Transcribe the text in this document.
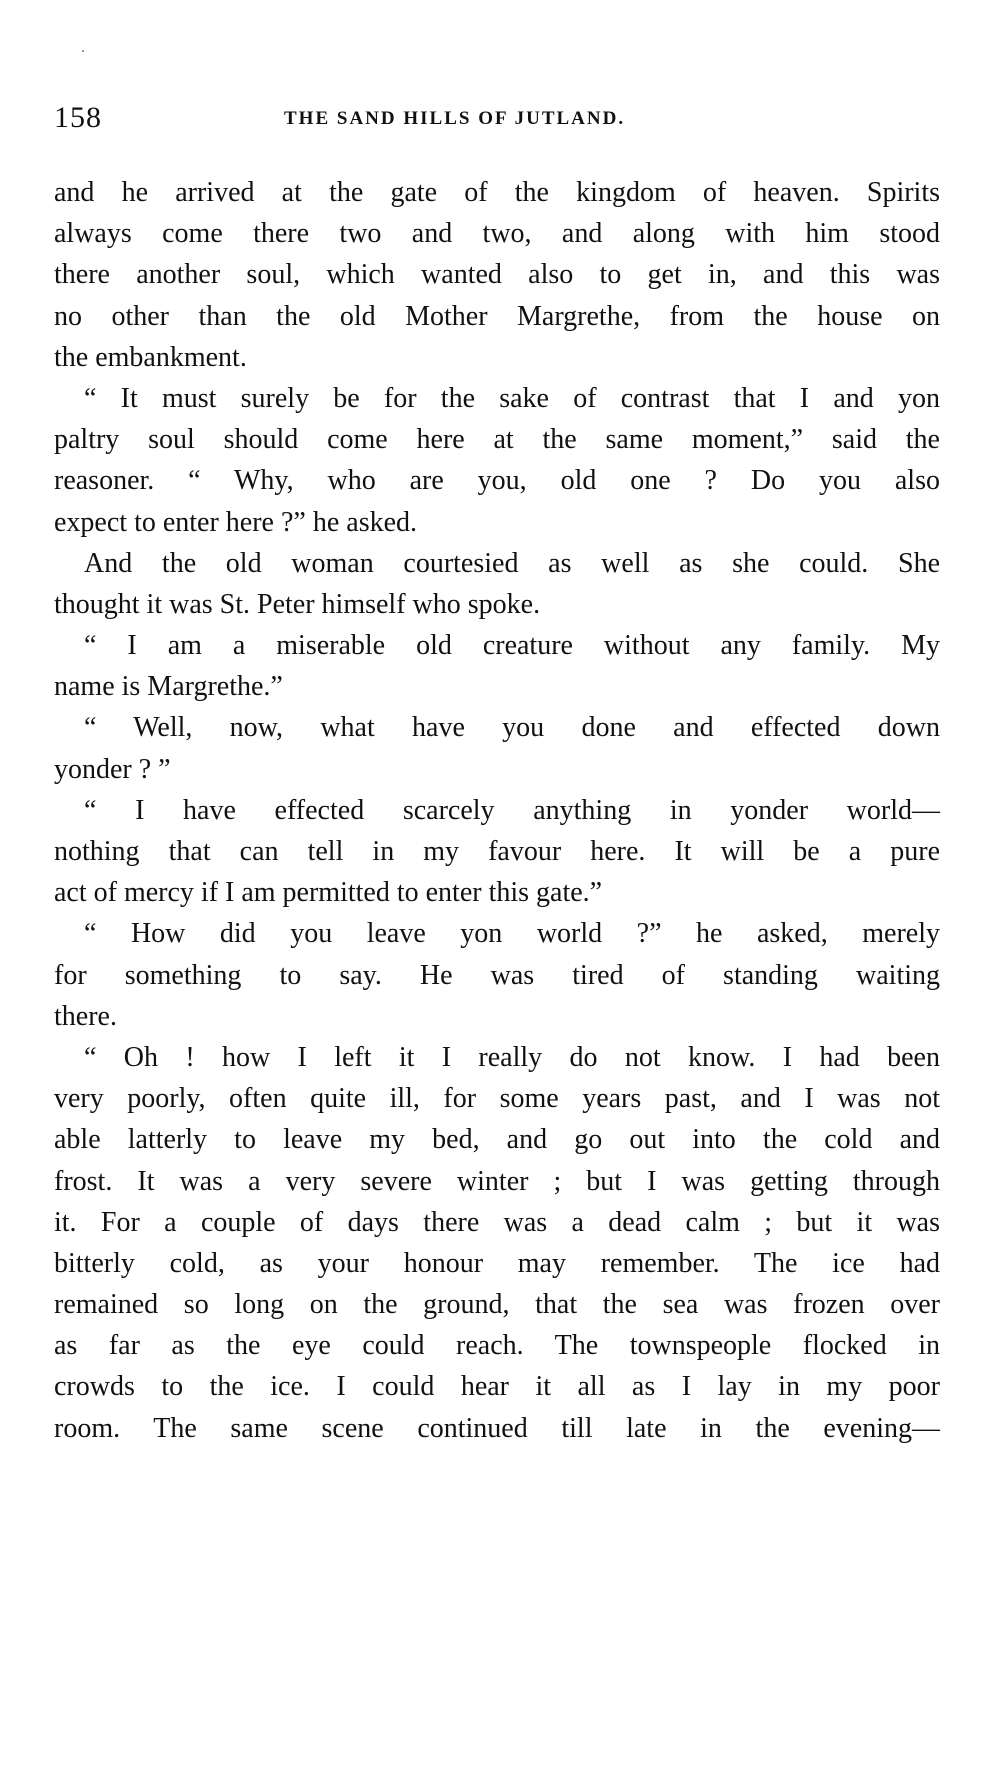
158	THE SAND HILLS OF JUTLAND.
and he arrived at the gate of the kingdom of heaven. Spirits
always come there two and two, and along with him stood
there another soul, which wanted also to get in, and this was
no other than the old Mother Margrethe, from the house on
the embankment.
“ It must surely be for the sake of contrast that I and yon
paltry soul should come here at the same moment,” said the
reasoner. “ Why, who are you, old one ? Do you also
expect to enter here ?” he asked.
And the old woman courtesied as well as she could. She
thought it was St. Peter himself who spoke.
“ I am a miserable old creature without any family. My
name is Margrethe.”
“ Well, now, what have you done and effected down
yonder ? ”
“ I have effected scarcely anything in yonder world—
nothing that can tell in my favour here. It will be a pure
act of mercy if I am permitted to enter this gate.”
“ How did you leave yon world ?” he asked, merely
for something to say. He was tired of standing waiting
there.
“ Oh ! how I left it I really do not know. I had been
very poorly, often quite ill, for some years past, and I was not
able latterly to leave my bed, and go out into the cold and
frost. It was a very severe winter ; but I was getting through
it. For a couple of days there was a dead calm ; but it was
bitterly cold, as your honour may remember. The ice had
remained so long on the ground, that the sea was frozen over
as far as the eye could reach. The townspeople flocked in
crowds to the ice. I could hear it all as I lay in my poor
room. The same scene continued till late in the evening—
